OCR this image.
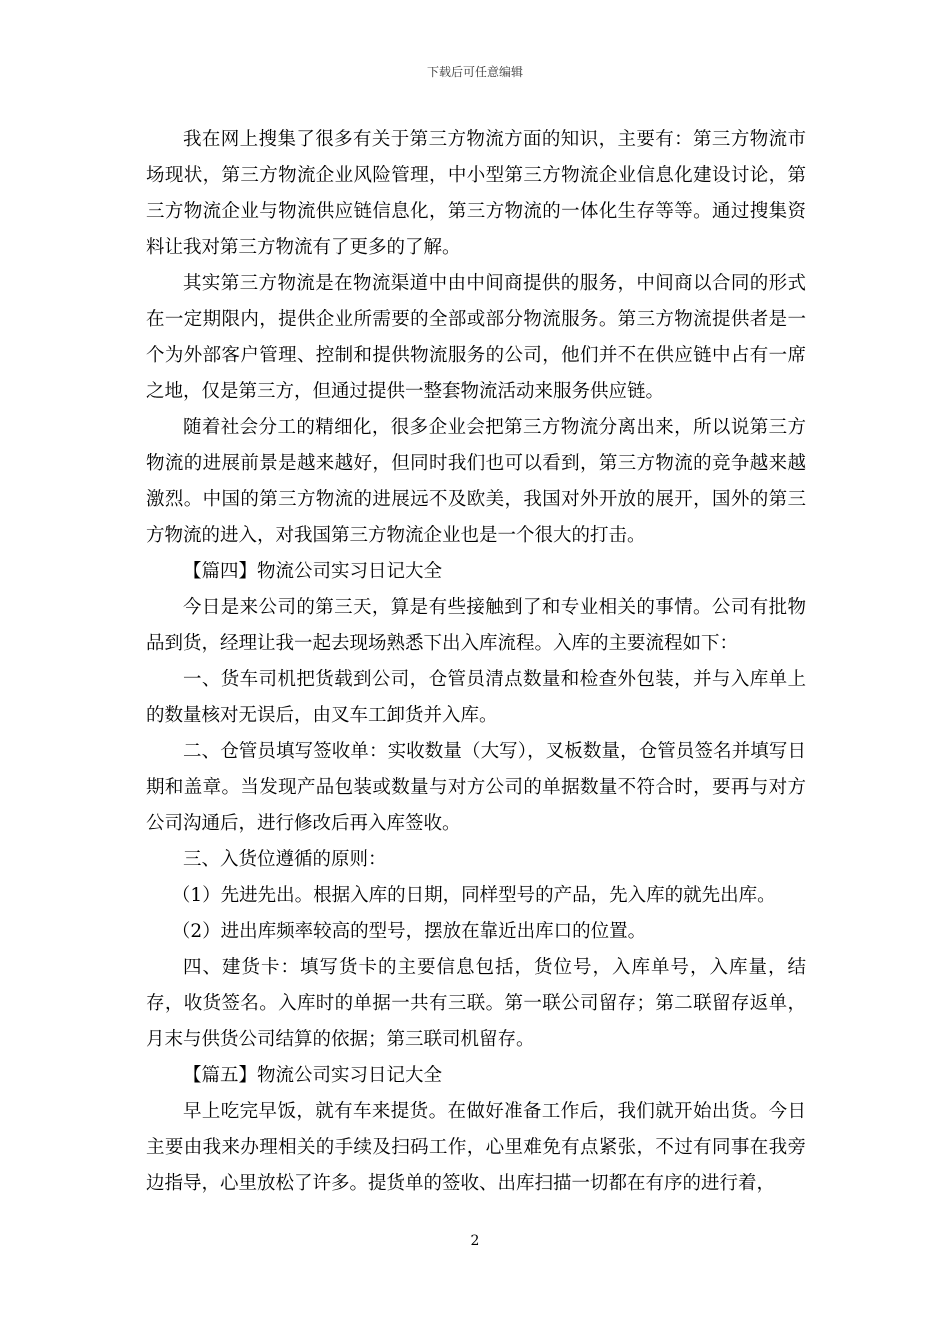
下载后可任意编辑

我在网上搜集了很多有关于第三方物流方面的知识，主要有：第三方物流市场现状，第三方物流企业风险管理，中小型第三方物流企业信息化建设讨论，第三方物流企业与物流供应链信息化，第三方物流的一体化生存等等。通过搜集资料让我对第三方物流有了更多的了解。

其实第三方物流是在物流渠道中由中间商提供的服务，中间商以合同的形式在一定期限内，提供企业所需要的全部或部分物流服务。第三方物流提供者是一个为外部客户管理、控制和提供物流服务的公司，他们并不在供应链中占有一席之地，仅是第三方，但通过提供一整套物流活动来服务供应链。

随着社会分工的精细化，很多企业会把第三方物流分离出来，所以说第三方物流的进展前景是越来越好，但同时我们也可以看到，第三方物流的竞争越来越激烈。中国的第三方物流的进展远不及欧美，我国对外开放的展开，国外的第三方物流的进入，对我国第三方物流企业也是一个很大的打击。

【篇四】物流公司实习日记大全

今日是来公司的第三天，算是有些接触到了和专业相关的事情。公司有批物品到货，经理让我一起去现场熟悉下出入库流程。入库的主要流程如下：

一、货车司机把货载到公司，仓管员清点数量和检查外包装，并与入库单上的数量核对无误后，由叉车工卸货并入库。

二、仓管员填写签收单：实收数量（大写），叉板数量，仓管员签名并填写日期和盖章。当发现产品包装或数量与对方公司的单据数量不符合时，要再与对方公司沟通后，进行修改后再入库签收。

三、入货位遵循的原则：

（1）先进先出。根据入库的日期，同样型号的产品，先入库的就先出库。

（2）进出库频率较高的型号，摆放在靠近出库口的位置。

四、建货卡：填写货卡的主要信息包括，货位号，入库单号，入库量，结存，收货签名。入库时的单据一共有三联。第一联公司留存；第二联留存返单，月末与供货公司结算的依据；第三联司机留存。

【篇五】物流公司实习日记大全

早上吃完早饭，就有车来提货。在做好准备工作后，我们就开始出货。今日主要由我来办理相关的手续及扫码工作，心里难免有点紧张，不过有同事在我旁边指导，心里放松了许多。提货单的签收、出库扫描一切都在有序的进行着，

2
